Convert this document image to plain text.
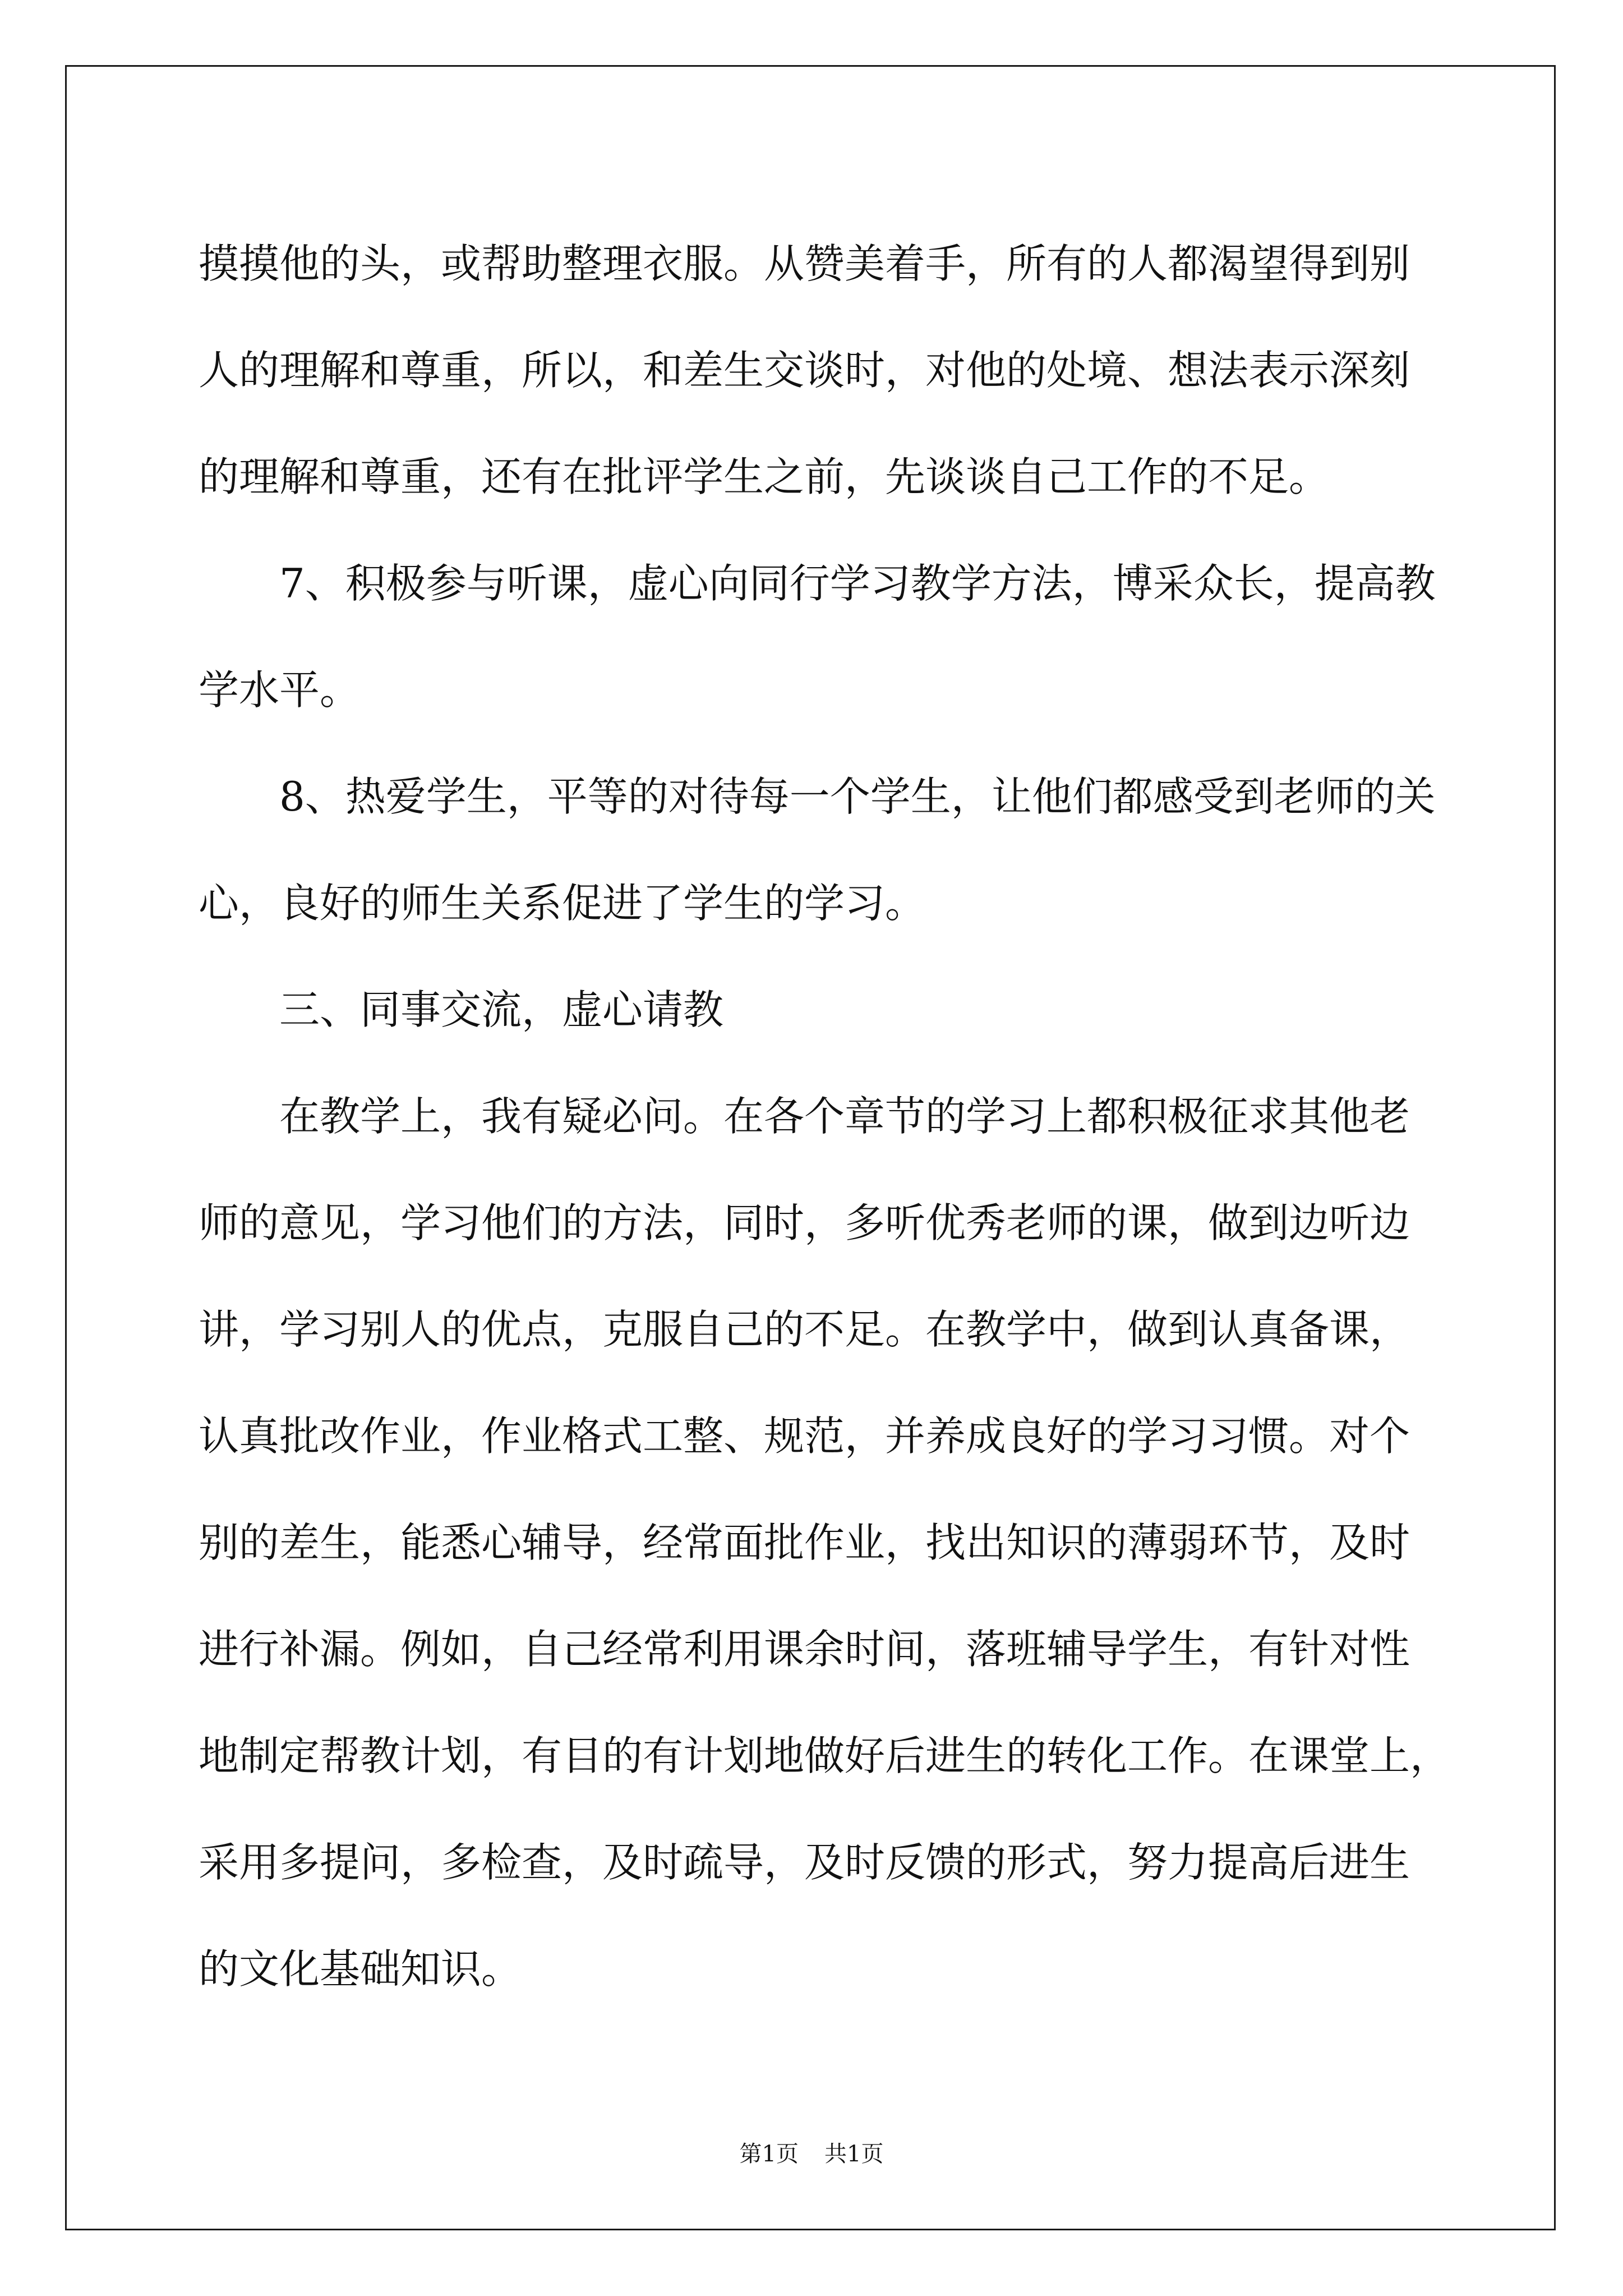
摸摸他的头，或帮助整理衣服。从赞美着手，所有的人都渴望得到别

人的理解和尊重，所以，和差生交谈时，对他的处境、想法表示深刻

的理解和尊重，还有在批评学生之前，先谈谈自己工作的不足。

7、积极参与听课，虚心向同行学习教学方法，博采众长，提高教

学水平。

8、热爱学生，平等的对待每一个学生，让他们都感受到老师的关

心，良好的师生关系促进了学生的学习。

三、同事交流，虚心请教

在教学上，我有疑必问。在各个章节的学习上都积极征求其他老

师的意见，学习他们的方法，同时，多听优秀老师的课，做到边听边

讲，学习别人的优点，克服自己的不足。在教学中，做到认真备课，

认真批改作业，作业格式工整、规范，并养成良好的学习习惯。对个

别的差生，能悉心辅导，经常面批作业，找出知识的薄弱环节，及时

进行补漏。例如，自己经常利用课余时间，落班辅导学生，有针对性

地制定帮教计划，有目的有计划地做好后进生的转化工作。在课堂上，

采用多提问，多检查，及时疏导，及时反馈的形式，努力提高后进生

的文化基础知识。

第1页 共1页
